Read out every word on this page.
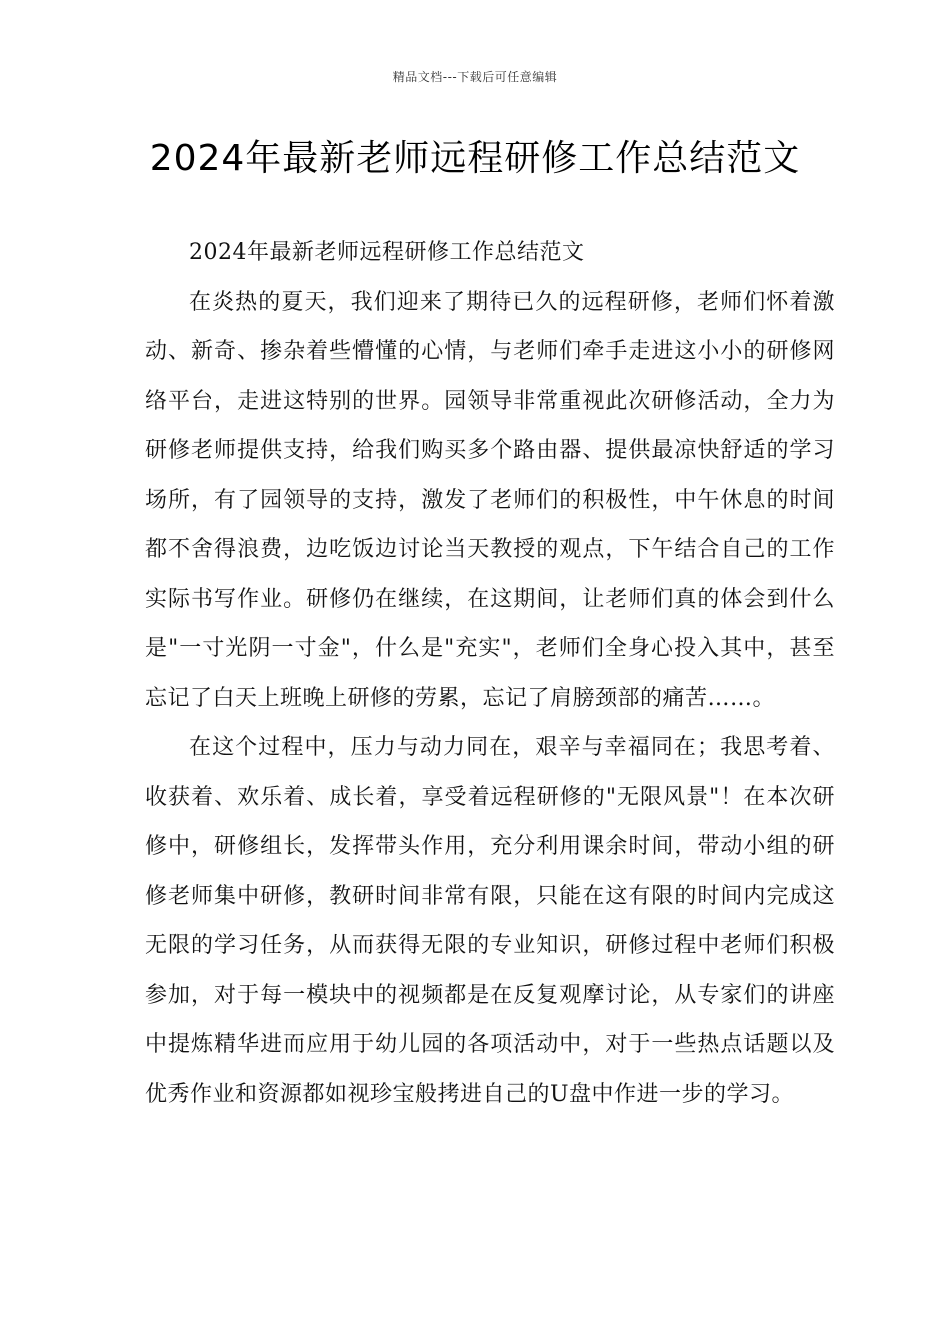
精品文档---下载后可任意编辑
2024年最新老师远程研修工作总结范文

2024年最新老师远程研修工作总结范文

在炎热的夏天，我们迎来了期待已久的远程研修，老师们怀着激动、新奇、掺杂着些懵懂的心情，与老师们牵手走进这小小的研修网络平台，走进这特别的世界。园领导非常重视此次研修活动，全力为研修老师提供支持，给我们购买多个路由器、提供最凉快舒适的学习场所，有了园领导的支持，激发了老师们的积极性，中午休息的时间都不舍得浪费，边吃饭边讨论当天教授的观点，下午结合自己的工作实际书写作业。研修仍在继续，在这期间，让老师们真的体会到什么是"一寸光阴一寸金"，什么是"充实"，老师们全身心投入其中，甚至忘记了白天上班晚上研修的劳累，忘记了肩膀颈部的痛苦……。

在这个过程中，压力与动力同在，艰辛与幸福同在；我思考着、收获着、欢乐着、成长着，享受着远程研修的"无限风景"！在本次研修中，研修组长，发挥带头作用，充分利用课余时间，带动小组的研修老师集中研修，教研时间非常有限，只能在这有限的时间内完成这无限的学习任务，从而获得无限的专业知识，研修过程中老师们积极参加，对于每一模块中的视频都是在反复观摩讨论，从专家们的讲座中提炼精华进而应用于幼儿园的各项活动中，对于一些热点话题以及优秀作业和资源都如视珍宝般拷进自己的U盘中作进一步的学习。
